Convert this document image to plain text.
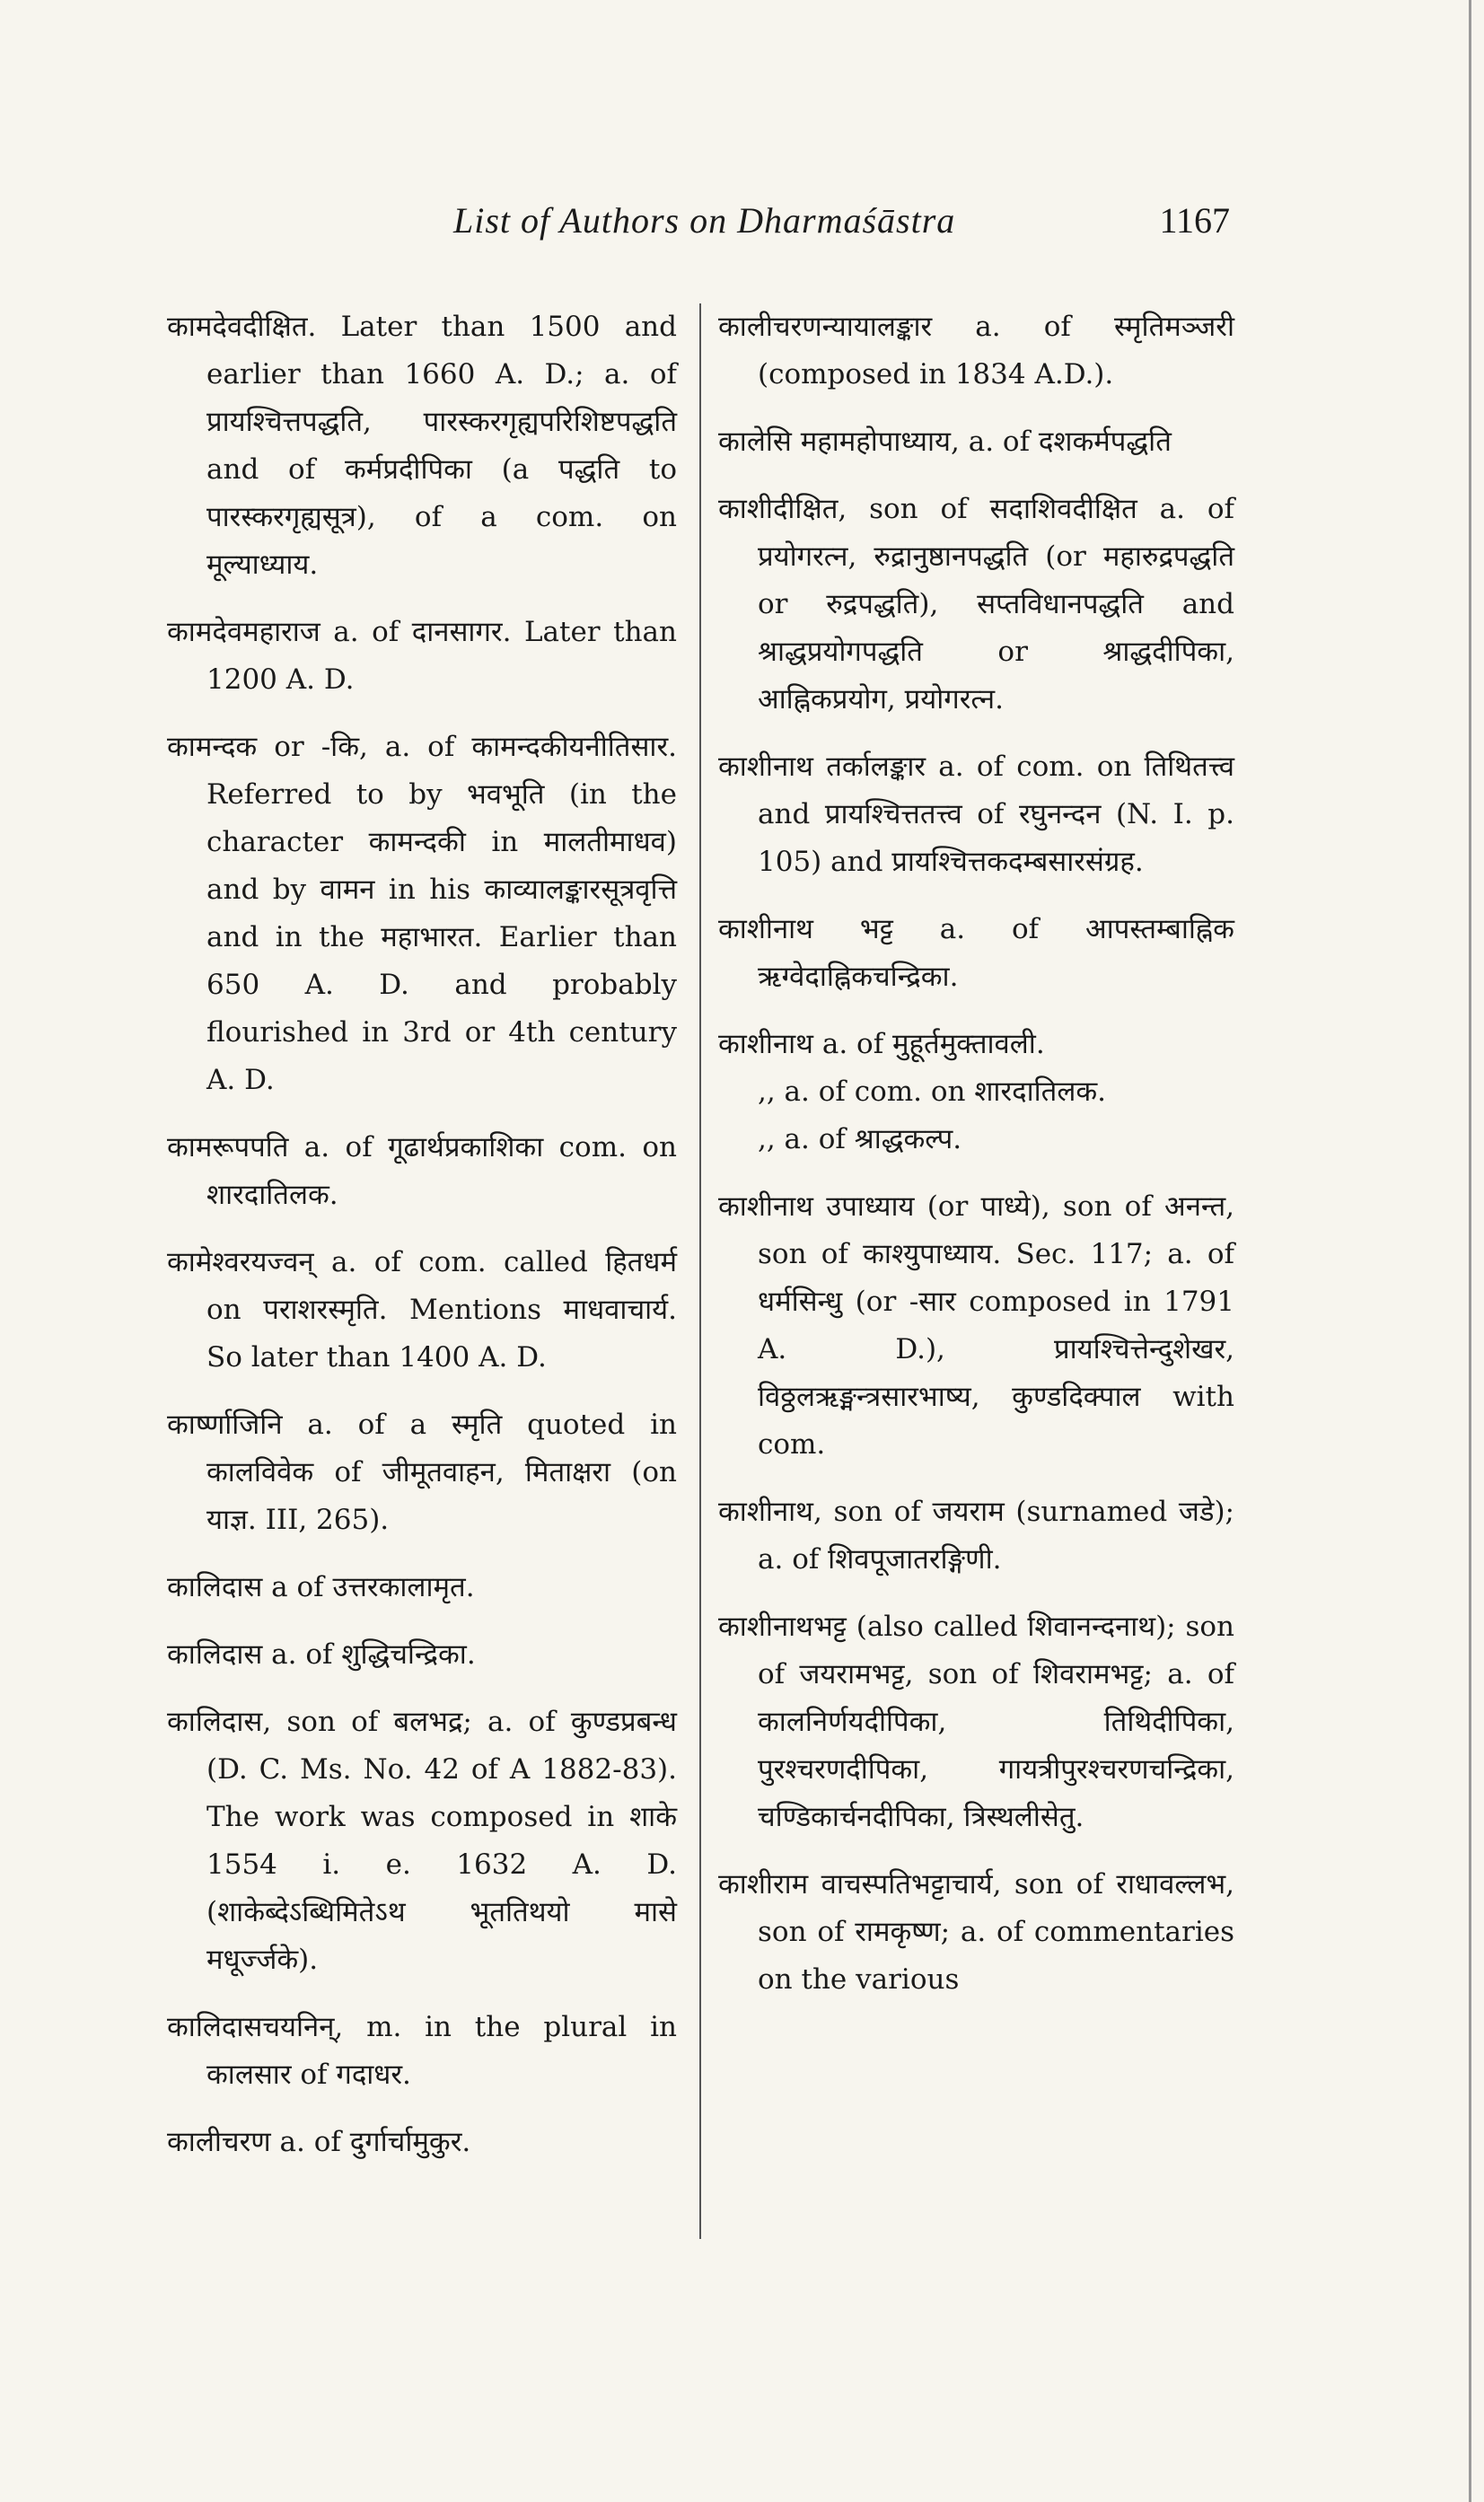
List of Authors on Dharmaśāstra	1167

कामदेवदीक्षित. Later than 1500 and earlier than 1660 A. D.; a. of प्रायश्चित्तपद्धति, पारस्करगृह्यपरिशिष्टपद्धति and of कर्मप्रदीपिका (a पद्धति to पारस्करगृह्यसूत्र), of a com. on मूल्याध्याय.

कामदेवमहाराज a. of दानसागर. Later than 1200 A. D.

कामन्दक or -कि, a. of कामन्दकीयनीतिसार. Referred to by भवभूति (in the character कामन्दकी in मालतीमाधव) and by वामन in his काव्यालङ्कारसूत्रवृत्ति and in the महाभारत. Earlier than 650 A. D. and probably flourished in 3rd or 4th century A. D.

कामरूपपति a. of गूढार्थप्रकाशिका com. on शारदातिलक.

कामेश्वरयज्वन् a. of com. called हितधर्म on पराशरस्मृति. Mentions माधवाचार्य. So later than 1400 A. D.

कार्ष्णाजिनि a. of a स्मृति quoted in कालविवेक of जीमूतवाहन, मिताक्षरा (on याज्ञ. III, 265).

कालिदास a of उत्तरकालामृत.

कालिदास a. of शुद्धिचन्द्रिका.

कालिदास, son of बलभद्र; a. of कुण्डप्रबन्ध (D. C. Ms. No. 42 of A 1882-83). The work was composed in शाके 1554 i. e. 1632 A. D. (शाकेब्देऽब्धिमितेऽथ भूततिथयो मासे मधूर्ज्जके).

कालिदासचयनिन्, m. in the plural in कालसार of गदाधर.

कालीचरण a. of दुर्गार्चामुकुर.

कालीचरणन्यायालङ्कार a. of स्मृतिमञ्जरी (composed in 1834 A.D.).

कालेसि महामहोपाध्याय, a. of दशकर्मपद्धति

काशीदीक्षित, son of सदाशिवदीक्षित a. of प्रयोगरत्न, रुद्रानुष्ठानपद्धति (or महारुद्रपद्धति or रुद्रपद्धति), सप्तविधानपद्धति and श्राद्धप्रयोगपद्धति or श्राद्धदीपिका, आह्निकप्रयोग, प्रयोगरत्न.

काशीनाथ तर्कालङ्कार a. of com. on तिथितत्त्व and प्रायश्चित्ततत्त्व of रघुनन्दन (N. I. p. 105) and प्रायश्चित्तकदम्बसारसंग्रह.

काशीनाथ भट्ट a. of आपस्तम्बाह्निक ऋग्वेदाह्निकचन्द्रिका.

काशीनाथ a. of मुहूर्तमुक्तावली.

,, a. of com. on शारदातिलक.

,, a. of श्राद्धकल्प.

काशीनाथ उपाध्याय (or पाध्ये), son of अनन्त, son of काश्युपाध्याय. Sec. 117; a. of धर्मसिन्धु (or -सार composed in 1791 A. D.), प्रायश्चित्तेन्दुशेखर, विठ्ठलऋङ्मन्त्रसारभाष्य, कुण्डदिक्पाल with com.

काशीनाथ, son of जयराम (surnamed जडे); a. of शिवपूजातरङ्गिणी.

काशीनाथभट्ट (also called शिवानन्दनाथ); son of जयरामभट्ट, son of शिवरामभट्ट; a. of कालनिर्णयदीपिका, तिथिदीपिका, पुरश्चरणदीपिका, गायत्रीपुरश्चरणचन्द्रिका, चण्डिकार्चनदीपिका, त्रिस्थलीसेतु.

काशीराम वाचस्पतिभट्टाचार्य, son of राधावल्लभ, son of रामकृष्ण; a. of commentaries on the various
